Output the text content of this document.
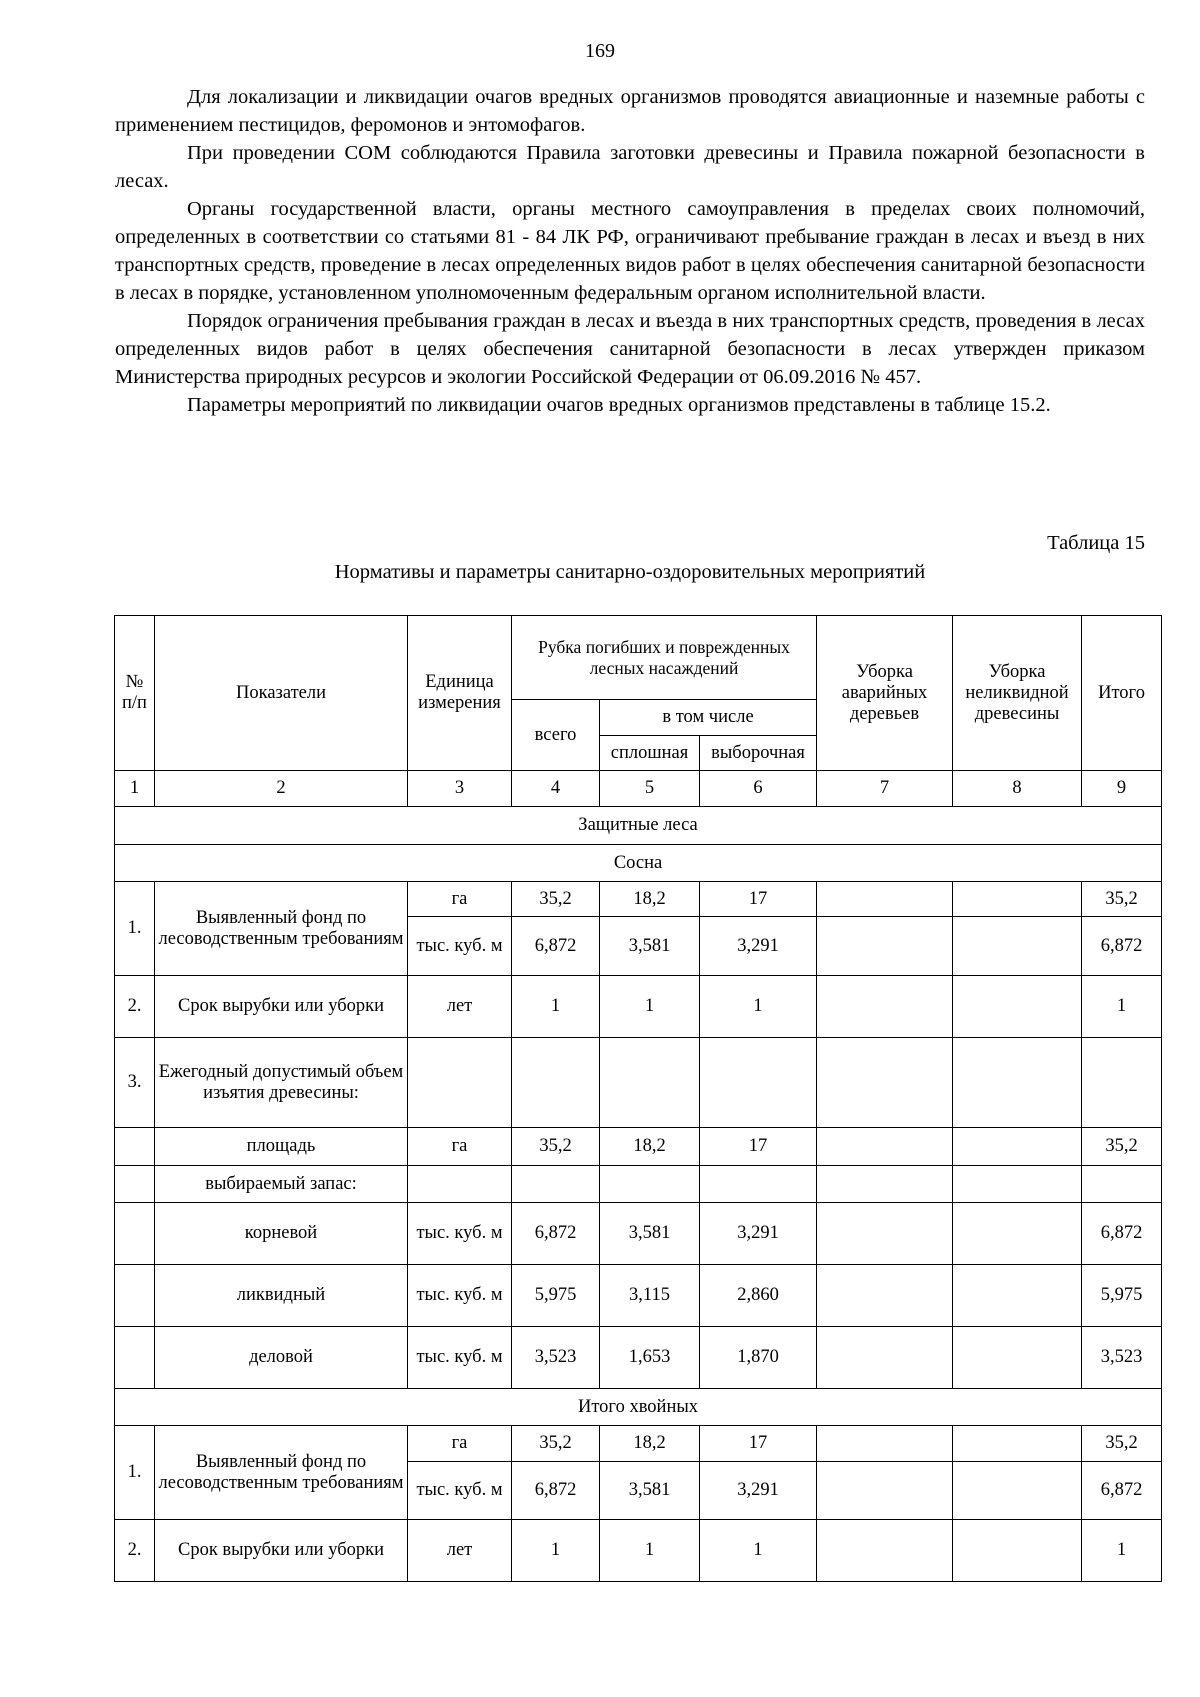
169

Для локализации и ликвидации очагов вредных организмов проводятся авиационные и наземные работы с применением пестицидов, феромонов и энтомофагов.

При проведении СОМ соблюдаются Правила заготовки древесины и Правила пожарной безопасности в лесах.

Органы государственной власти, органы местного самоуправления в пределах своих полномочий, определенных в соответствии со статьями 81 - 84 ЛК РФ, ограничивают пребывание граждан в лесах и въезд в них транспортных средств, проведение в лесах определенных видов работ в целях обеспечения санитарной безопасности в лесах в порядке, установленном уполномоченным федеральным органом исполнительной власти.

Порядок ограничения пребывания граждан в лесах и въезда в них транспортных средств, проведения в лесах определенных видов работ в целях обеспечения санитарной безопасности в лесах утвержден приказом Министерства природных ресурсов и экологии Российской Федерации от 06.09.2016 № 457.

Параметры мероприятий по ликвидации очагов вредных организмов представлены в таблице 15.2.

Таблица 15
Нормативы и параметры санитарно-оздоровительных мероприятий
№ п/п	Показатели	Единица измерения	Рубка погибших и поврежденных лесных насаждений			Уборка аварийных деревьев	Уборка неликвидной древесины	Итого
			всего	в том числе				
				сплошная	выборочная			
1	2	3	4	5	6	7	8	9
Защитные леса								
Сосна								
1.	Выявленный фонд по лесоводственным требованиям	га	35,2	18,2	17			35,2
		тыс. куб. м	6,872	3,581	3,291			6,872
2.	Срок вырубки или уборки	лет	1	1	1			1
3.	Ежегодный допустимый объем изъятия древесины:							
	площадь	га	35,2	18,2	17			35,2
	выбираемый запас:							
	корневой	тыс. куб. м	6,872	3,581	3,291			6,872
	ликвидный	тыс. куб. м	5,975	3,115	2,860			5,975
	деловой	тыс. куб. м	3,523	1,653	1,870			3,523
Итого хвойных								
1.	Выявленный фонд по лесоводственным требованиям	га	35,2	18,2	17			35,2
		тыс. куб. м	6,872	3,581	3,291			6,872
2.	Срок вырубки или уборки	лет	1	1	1			1
